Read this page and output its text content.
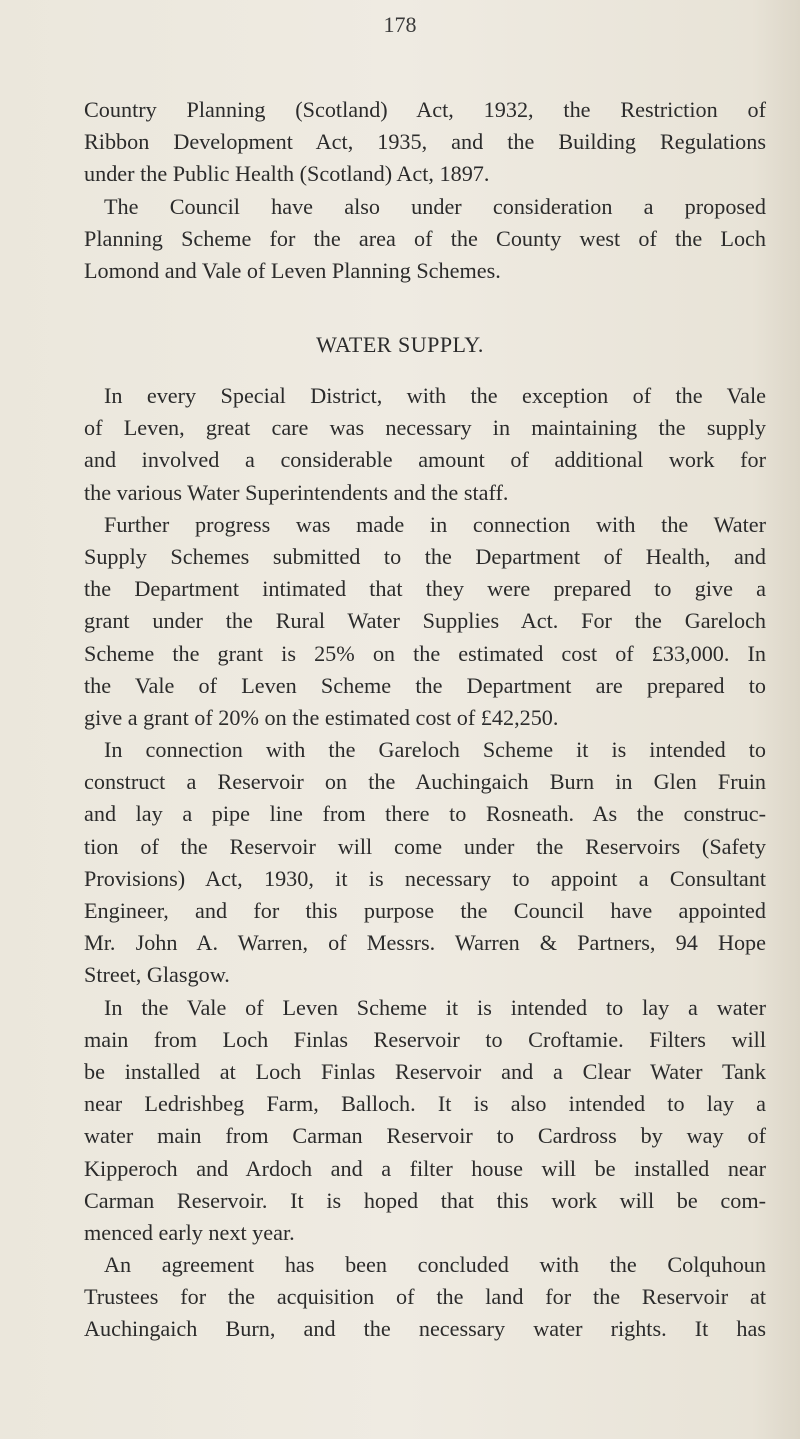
178
Country Planning (Scotland) Act, 1932, the Restriction of
Ribbon Development Act, 1935, and the Building Regulations
under the Public Health (Scotland) Act, 1897.
The Council have also under consideration a proposed
Planning Scheme for the area of the County west of the Loch
Lomond and Vale of Leven Planning Schemes.
WATER SUPPLY.
In every Special District, with the exception of the Vale
of Leven, great care was necessary in maintaining the supply
and involved a considerable amount of additional work for
the various Water Superintendents and the staff.
Further progress was made in connection with the Water
Supply Schemes submitted to the Department of Health, and
the Department intimated that they were prepared to give a
grant under the Rural Water Supplies Act. For the Gareloch
Scheme the grant is 25% on the estimated cost of £33,000. In
the Vale of Leven Scheme the Department are prepared to
give a grant of 20% on the estimated cost of £42,250.
In connection with the Gareloch Scheme it is intended to
construct a Reservoir on the Auchingaich Burn in Glen Fruin
and lay a pipe line from there to Rosneath. As the construc-
tion of the Reservoir will come under the Reservoirs (Safety
Provisions) Act, 1930, it is necessary to appoint a Consultant
Engineer, and for this purpose the Council have appointed
Mr. John A. Warren, of Messrs. Warren & Partners, 94 Hope
Street, Glasgow.
In the Vale of Leven Scheme it is intended to lay a water
main from Loch Finlas Reservoir to Croftamie. Filters will
be installed at Loch Finlas Reservoir and a Clear Water Tank
near Ledrishbeg Farm, Balloch. It is also intended to lay a
water main from Carman Reservoir to Cardross by way of
Kipperoch and Ardoch and a filter house will be installed near
Carman Reservoir. It is hoped that this work will be com-
menced early next year.
An agreement has been concluded with the Colquhoun
Trustees for the acquisition of the land for the Reservoir at
Auchingaich Burn, and the necessary water rights. It has
